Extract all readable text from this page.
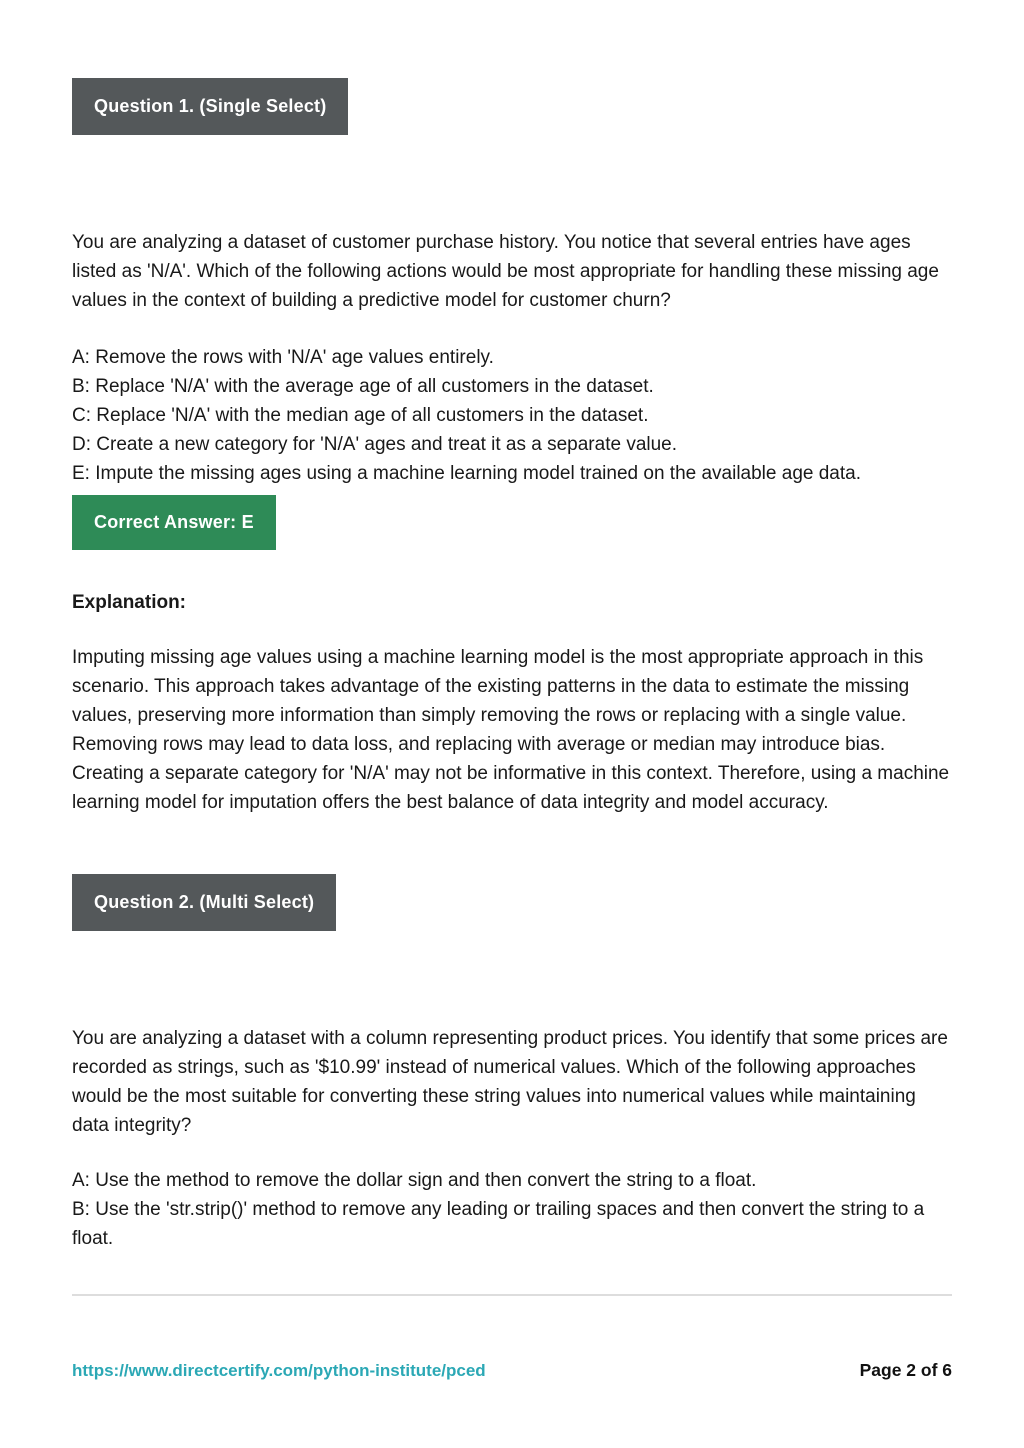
Question 1. (Single Select)

You are analyzing a dataset of customer purchase history. You notice that several entries have ages listed as 'N/A'. Which of the following actions would be most appropriate for handling these missing age values in the context of building a predictive model for customer churn?

A: Remove the rows with 'N/A' age values entirely.
B: Replace 'N/A' with the average age of all customers in the dataset.
C: Replace 'N/A' with the median age of all customers in the dataset.
D: Create a new category for 'N/A' ages and treat it as a separate value.
E: Impute the missing ages using a machine learning model trained on the available age data.
Correct Answer: E
Explanation:

Imputing missing age values using a machine learning model is the most appropriate approach in this scenario. This approach takes advantage of the existing patterns in the data to estimate the missing values, preserving more information than simply removing the rows or replacing with a single value. Removing rows may lead to data loss, and replacing with average or median may introduce bias. Creating a separate category for 'N/A' may not be informative in this context. Therefore, using a machine learning model for imputation offers the best balance of data integrity and model accuracy.

Question 2. (Multi Select)

You are analyzing a dataset with a column representing product prices. You identify that some prices are recorded as strings, such as '$10.99' instead of numerical values. Which of the following approaches would be the most suitable for converting these string values into numerical values while maintaining data integrity?

A: Use the method to remove the dollar sign and then convert the string to a float.
B: Use the 'str.strip()' method to remove any leading or trailing spaces and then convert the string to a float.
https://www.directcertify.com/python-institute/pced	Page 2 of 6
